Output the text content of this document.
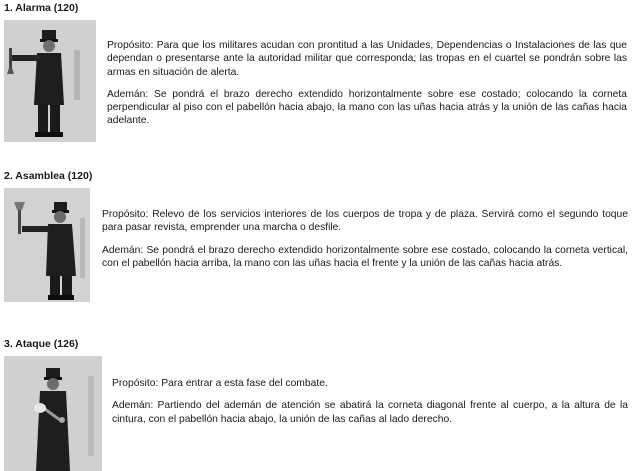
1. Alarma (120)

Propósito: Para que los militares acudan con prontitud a las Unidades, Dependencias o Instalaciones de las que dependan o presentarse ante la autoridad militar que corresponda; las tropas en el cuartel se pondrán sobre las armas en situación de alerta.

Ademán: Se pondrá el brazo derecho extendido horizontalmente sobre ese costado; colocando la corneta perpendicular al piso con el pabellón hacia abajo, la mano con las uñas hacia atrás y la unión de las cañas hacia adelante.

2. Asamblea (120)

Propósito: Relevo de los servicios interiores de los cuerpos de tropa y de plaza. Servirá como el segundo toque para pasar revista, emprender una marcha o desfile.

Ademán: Se pondrá el brazo derecho extendido horizontalmente sobre ese costado, colocando la corneta vertical, con el pabellón hacia arriba, la mano con las uñas hacia el frente y la unión de las cañas hacia atrás.

3. Ataque (126)

Propósito: Para entrar a esta fase del combate.

Ademán: Partiendo del ademán de atención se abatirá la corneta diagonal frente al cuerpo, a la altura de la cintura, con el pabellón hacia abajo, la unión de las cañas al lado derecho.
